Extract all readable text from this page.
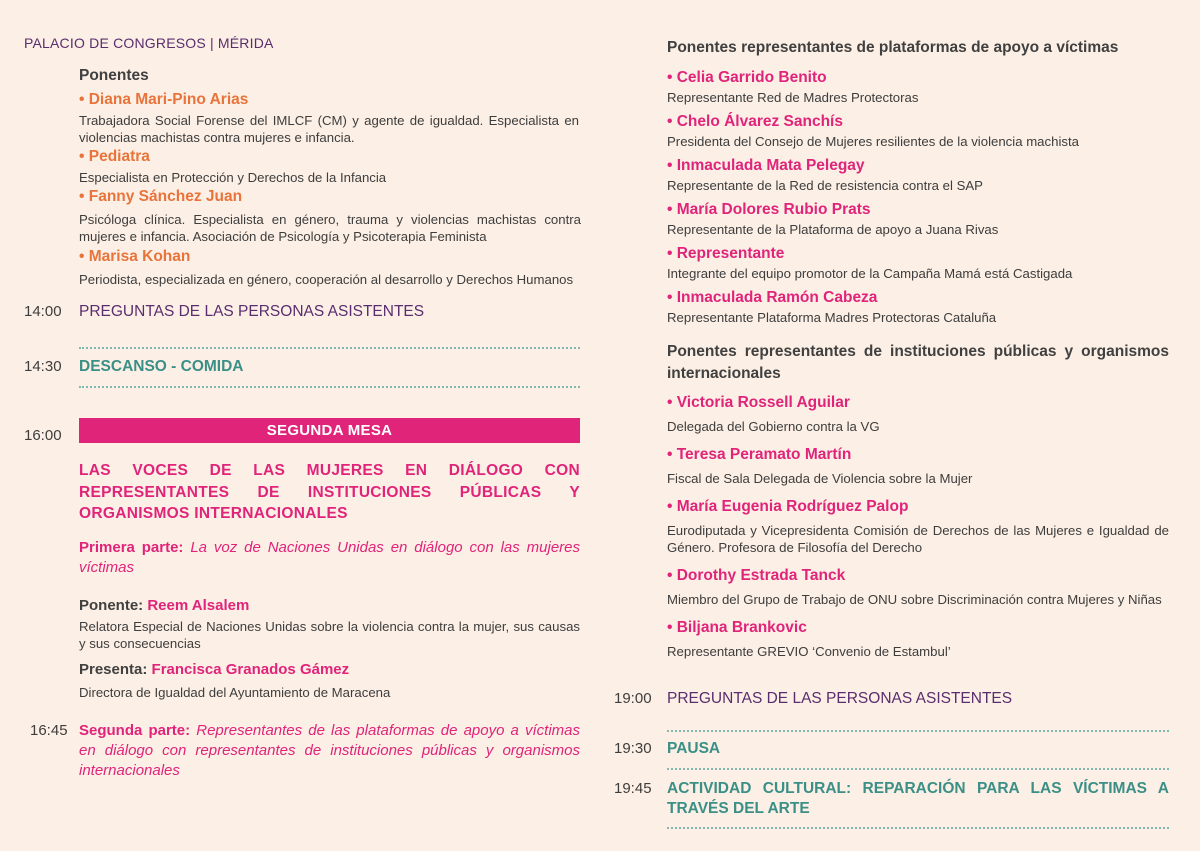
PALACIO DE CONGRESOS | MÉRIDA
Ponentes
• Diana Mari-Pino Arias
Trabajadora Social Forense del IMLCF (CM) y agente de igualdad. Especialista en violencias machistas contra mujeres e infancia.
• Pediatra
Especialista en Protección y Derechos de la Infancia
• Fanny Sánchez Juan
Psicóloga clínica. Especialista en género, trauma y violencias machistas contra mujeres e infancia. Asociación de Psicología y Psicoterapia Feminista
• Marisa Kohan
Periodista, especializada en género, cooperación al desarrollo y Derechos Humanos
14:00	PREGUNTAS DE LAS PERSONAS ASISTENTES
14:30	DESCANSO - COMIDA
16:00	SEGUNDA MESA
LAS VOCES DE LAS MUJERES EN DIÁLOGO CON REPRESENTANTES DE INSTITUCIONES PÚBLICAS Y ORGANISMOS INTERNACIONALES
Primera parte: La voz de Naciones Unidas en diálogo con las mujeres víctimas
Ponente: Reem Alsalem
Relatora Especial de Naciones Unidas sobre la violencia contra la mujer, sus causas y sus consecuencias
Presenta: Francisca Granados Gámez
Directora de Igualdad del Ayuntamiento de Maracena
16:45 Segunda parte: Representantes de las plataformas de apoyo a víctimas en diálogo con representantes de instituciones públicas y organismos internacionales
Ponentes representantes de plataformas de apoyo a víctimas
• Celia Garrido Benito
Representante Red de Madres Protectoras
• Chelo Álvarez Sanchís
Presidenta del Consejo de Mujeres resilientes de la violencia machista
• Inmaculada Mata Pelegay
Representante de la Red de resistencia contra el SAP
• María Dolores Rubio Prats
Representante de la Plataforma de apoyo a Juana Rivas
• Representante
Integrante del equipo promotor de la Campaña Mamá está Castigada
• Inmaculada Ramón Cabeza
Representante Plataforma Madres Protectoras Cataluña
Ponentes representantes de instituciones públicas y organismos internacionales
• Victoria Rossell Aguilar
Delegada del Gobierno contra la VG
• Teresa Peramato Martín
Fiscal de Sala Delegada de Violencia sobre la Mujer
• María Eugenia Rodríguez Palop
Eurodiputada y Vicepresidenta Comisión de Derechos de las Mujeres e Igualdad de Género. Profesora de Filosofía del Derecho
• Dorothy Estrada Tanck
Miembro del Grupo de Trabajo de ONU sobre Discriminación contra Mujeres y Niñas
• Biljana Brankovic
Representante GREVIO ‘Convenio de Estambul’
19:00 PREGUNTAS DE LAS PERSONAS ASISTENTES
19:30 PAUSA
19:45 ACTIVIDAD CULTURAL: REPARACIÓN PARA LAS VÍCTIMAS A TRAVÉS DEL ARTE
